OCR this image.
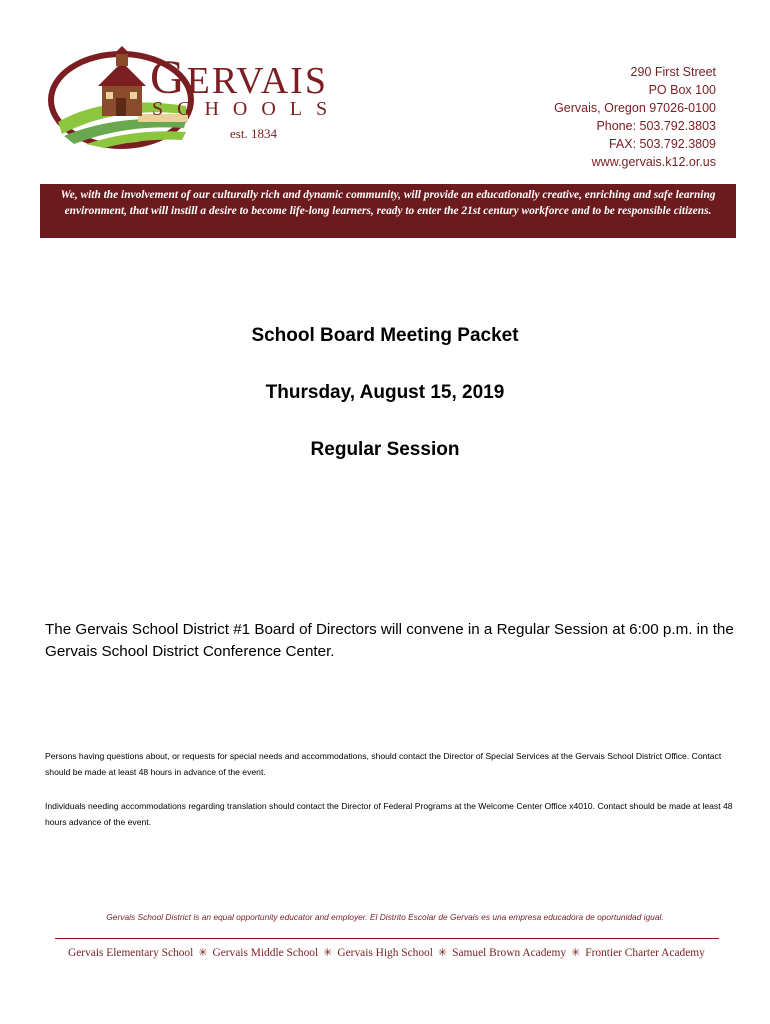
GERVAIS
SCHOOLS
est. 1834
290 First Street
PO Box 100
Gervais, Oregon 97026-0100
Phone: 503.792.3803
FAX: 503.792.3809
www.gervais.k12.or.us
We, with the involvement of our culturally rich and dynamic community, will provide an educationally creative, enriching and safe learning environment, that will instill a desire to become life-long learners, ready to enter the 21st century workforce and to be responsible citizens.
School Board Meeting Packet
Thursday, August 15, 2019
Regular Session
The Gervais School District #1 Board of Directors will convene in a Regular Session at 6:00 p.m. in the Gervais School District Conference Center.
Persons having questions about, or requests for special needs and accommodations, should contact the Director of Special Services at the Gervais School District Office. Contact should be made at least 48 hours in advance of the event.
Individuals needing accommodations regarding translation should contact the Director of Federal Programs at the Welcome Center Office x4010. Contact should be made at least 48 hours advance of the event.
Gervais School District is an equal opportunity educator and employer. El Distrito Escolar de Gervais es una empresa educadora de oportunidad igual.
Gervais Elementary School ✳ Gervais Middle School ✳ Gervais High School ✳ Samuel Brown Academy ✳ Frontier Charter Academy
